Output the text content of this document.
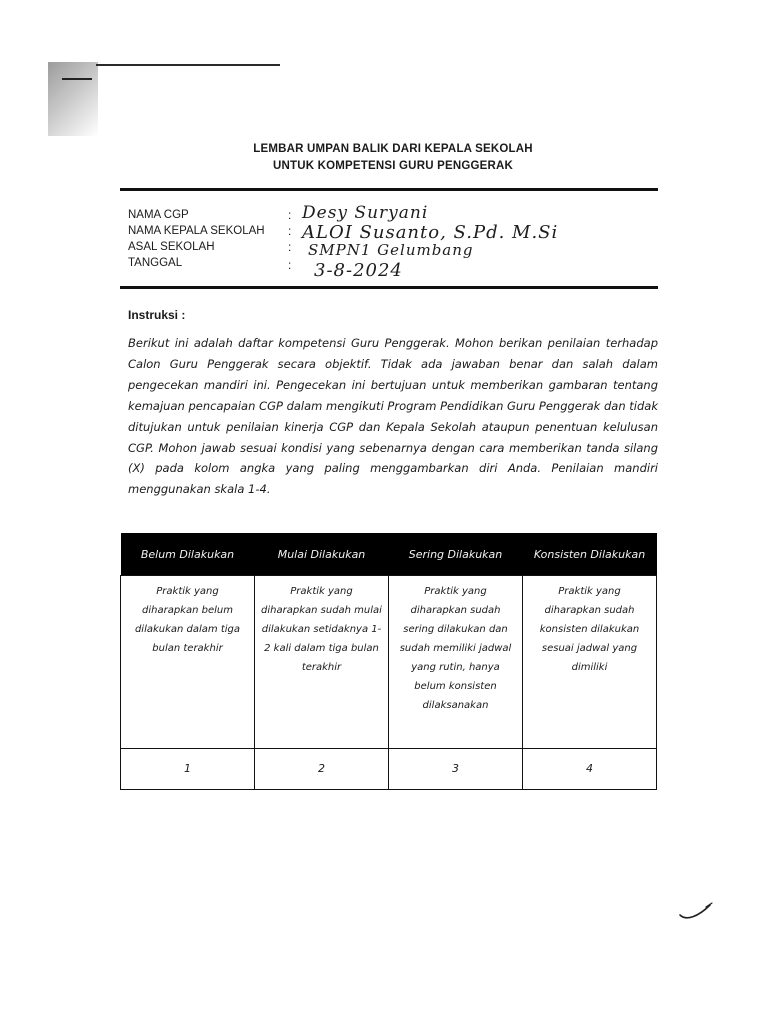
LEMBAR UMPAN BALIK DARI KEPALA SEKOLAH
UNTUK KOMPETENSI GURU PENGGERAK
NAMA CGP	: Desy Suryani
NAMA KEPALA SEKOLAH : ALOI Susanto, S.Pd. M.Si
ASAL SEKOLAH	: SMPN1 Gelumbang
TANGGAL	: 3-8-2024
Instruksi :
Berikut ini adalah daftar kompetensi Guru Penggerak. Mohon berikan penilaian terhadap Calon Guru Penggerak secara objektif. Tidak ada jawaban benar dan salah dalam pengecekan mandiri ini. Pengecekan ini bertujuan untuk memberikan gambaran tentang kemajuan pencapaian CGP dalam mengikuti Program Pendidikan Guru Penggerak dan tidak ditujukan untuk penilaian kinerja CGP dan Kepala Sekolah ataupun penentuan kelulusan CGP. Mohon jawab sesuai kondisi yang sebenarnya dengan cara memberikan tanda silang (X) pada kolom angka yang paling menggambarkan diri Anda. Penilaian mandiri menggunakan skala 1-4.
Belum Dilakukan	Mulai Dilakukan	Sering Dilakukan	Konsisten Dilakukan
Praktik yang diharapkan belum dilakukan dalam tiga bulan terakhir	Praktik yang diharapkan sudah mulai dilakukan setidaknya 1-2 kali dalam tiga bulan terakhir	Praktik yang diharapkan sudah sering dilakukan dan sudah memiliki jadwal yang rutin, hanya belum konsisten dilaksanakan	Praktik yang diharapkan sudah konsisten dilakukan sesuai jadwal yang dimiliki
1	2	3	4
